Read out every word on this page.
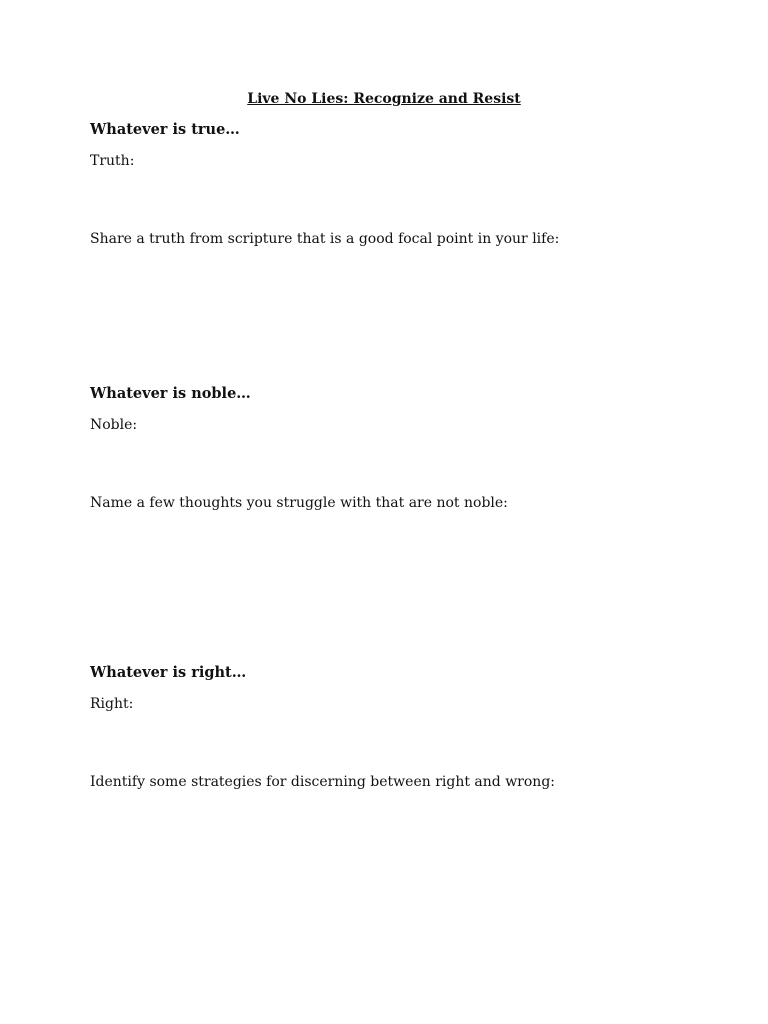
Live No Lies: Recognize and Resist
Whatever is true…
Truth:
Share a truth from scripture that is a good focal point in your life:
Whatever is noble…
Noble:
Name a few thoughts you struggle with that are not noble:
Whatever is right…
Right:
Identify some strategies for discerning between right and wrong:
